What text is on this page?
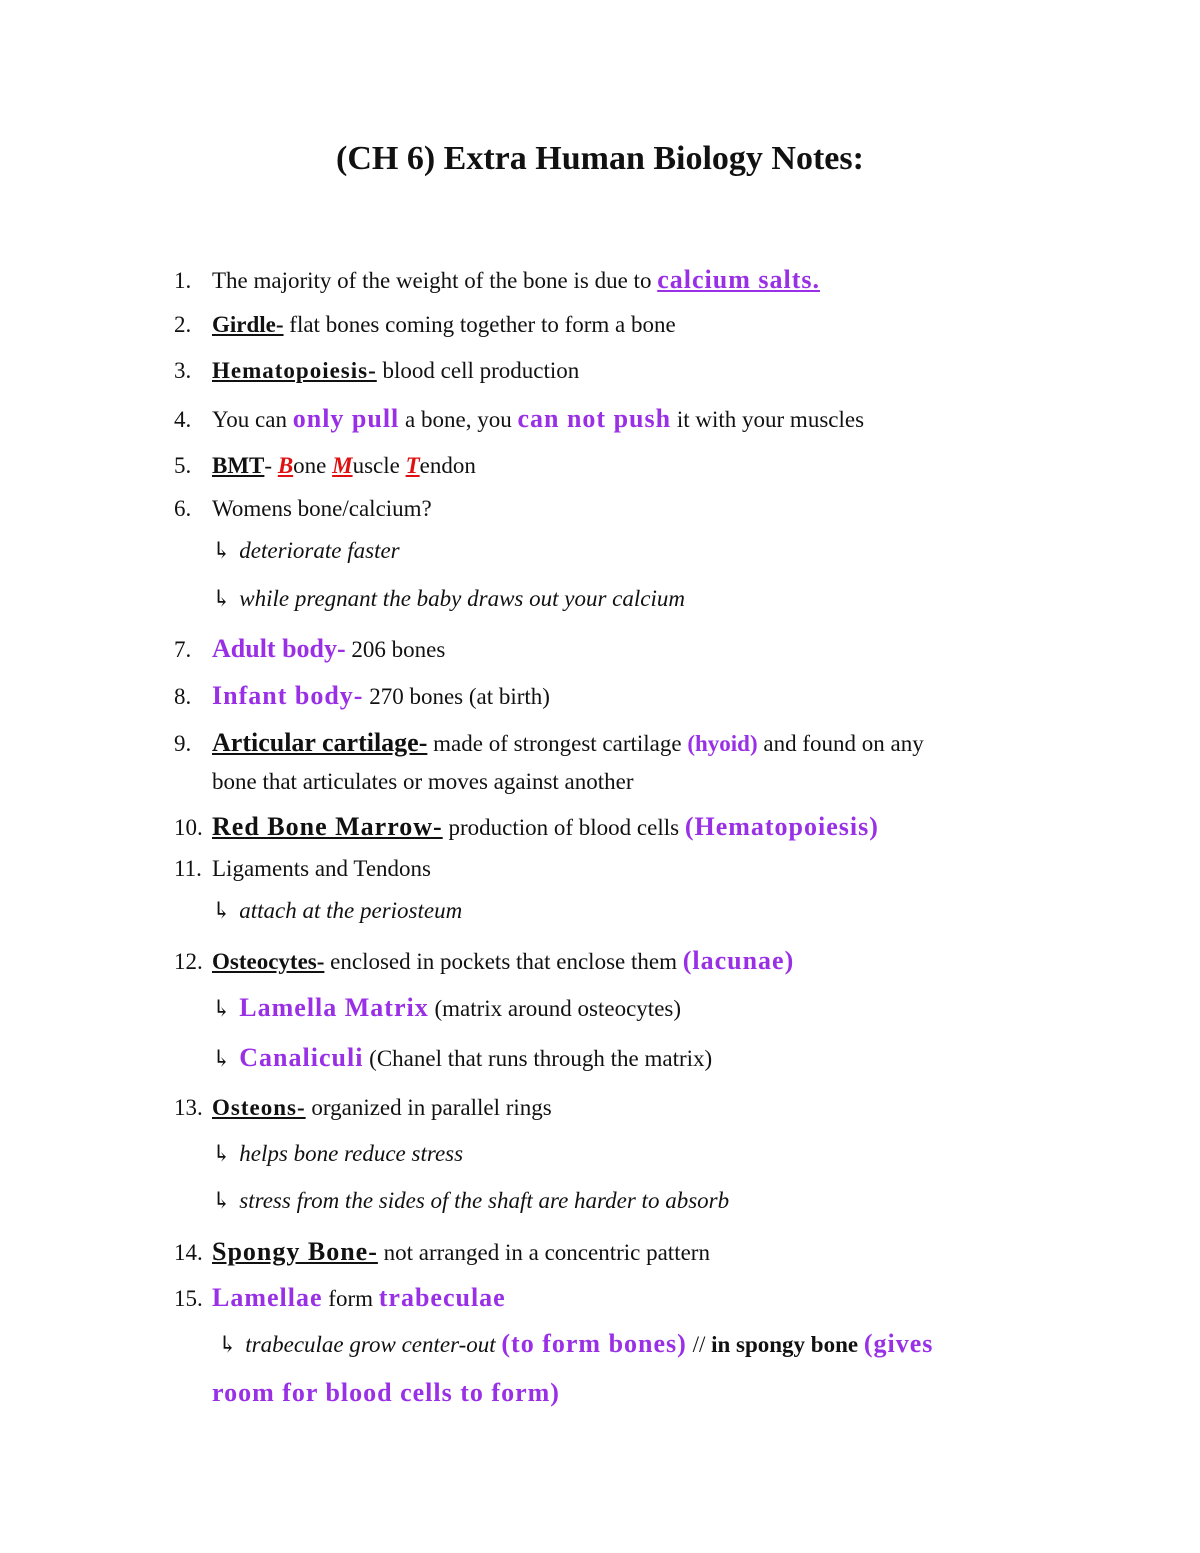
(CH 6) Extra Human Biology Notes:
1. The majority of the weight of the bone is due to calcium salts.
2. Girdle- flat bones coming together to form a bone
3. Hematopoiesis- blood cell production
4. You can only pull a bone, you can not push it with your muscles
5. BMT- Bone Muscle Tendon
6. Womens bone/calcium?
↳ deteriorate faster
↳ while pregnant the baby draws out your calcium
7. Adult body- 206 bones
8. Infant body- 270 bones (at birth)
9. Articular cartilage- made of strongest cartilage (hyoid) and found on any
bone that articulates or moves against another
10. Red Bone Marrow- production of blood cells (Hematopoiesis)
11. Ligaments and Tendons
↳ attach at the periosteum
12. Osteocytes- enclosed in pockets that enclose them (lacunae)
↳ Lamella Matrix (matrix around osteocytes)
↳ Canaliculi (Chanel that runs through the matrix)
13. Osteons- organized in parallel rings
↳ helps bone reduce stress
↳ stress from the sides of the shaft are harder to absorb
14. Spongy Bone- not arranged in a concentric pattern
15. Lamellae form trabeculae
↳ trabeculae grow center-out (to form bones) // in spongy bone (gives
room for blood cells to form)
